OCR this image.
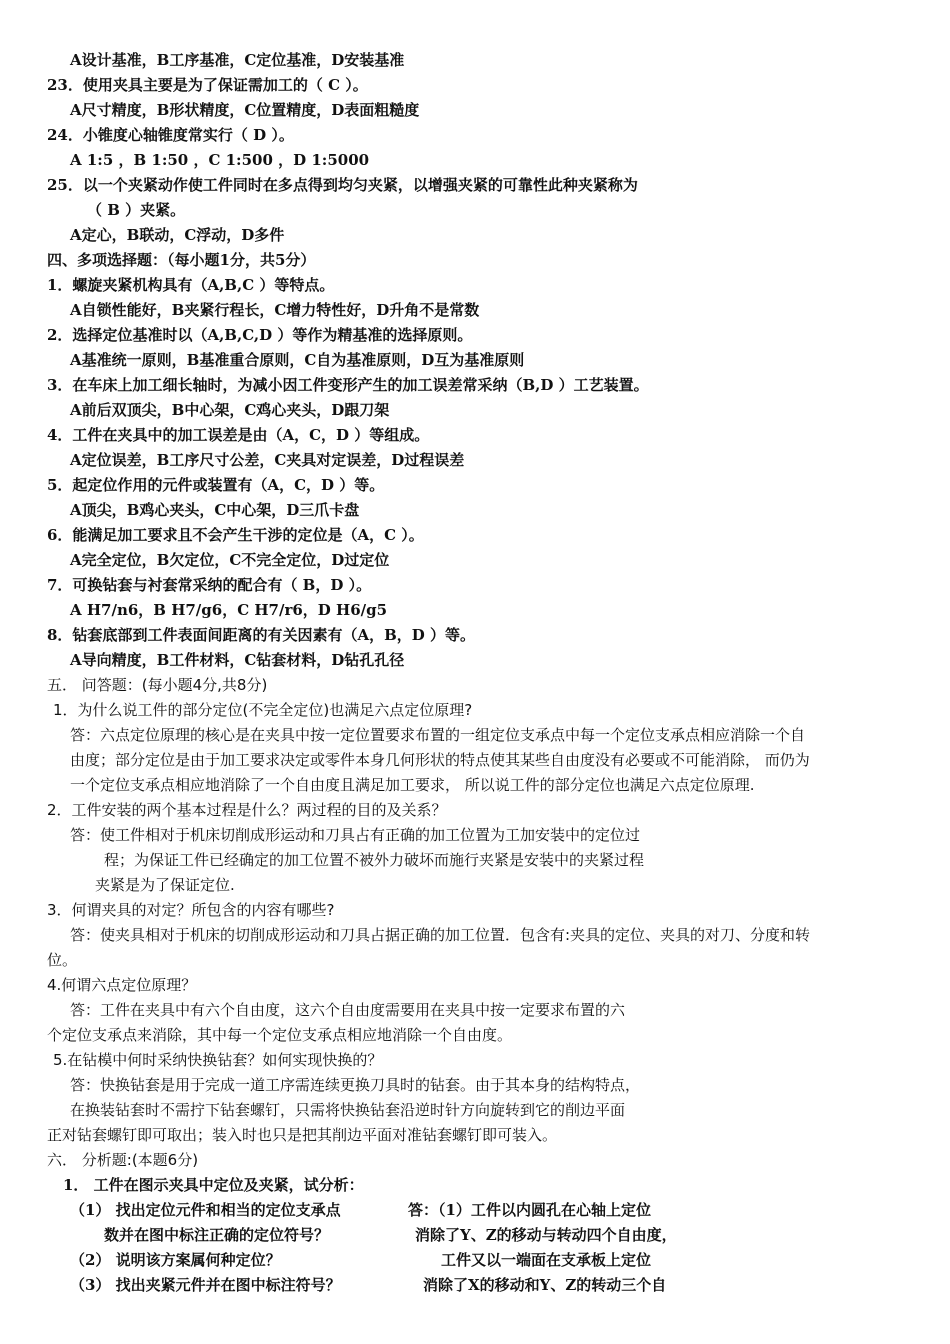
A设计基准，B工序基准，C定位基准，D安装基准
23．使用夹具主要是为了保证需加工的（ C ）。
A尺寸精度，B形状精度，C位置精度，D表面粗糙度
24．小锥度心轴锥度常实行（ D ）。
A 1:5 ，B 1:50 ，C 1:500 ，D 1:5000
25．以一个夹紧动作使工件同时在多点得到均匀夹紧，以增强夹紧的可靠性此种夹紧称为
（ B ）夹紧。
A定心，B联动，C浮动，D多件
四、多项选择题：（每小题1分，共5分）
1．螺旋夹紧机构具有（A,B,C ）等特点。
A自锁性能好，B夹紧行程长，C增力特性好，D升角不是常数
2．选择定位基准时以（A,B,C,D ）等作为精基准的选择原则。
A基准统一原则，B基准重合原则，C自为基准原则，D互为基准原则
3．在车床上加工细长轴时，为减小因工件变形产生的加工误差常采纳（B,D ）工艺装置。
A前后双顶尖，B中心架，C鸡心夹头，D跟刀架
4．工件在夹具中的加工误差是由（A，C，D ）等组成。
A定位误差，B工序尺寸公差，C夹具对定误差，D过程误差
5．起定位作用的元件或装置有（A，C，D ）等。
A顶尖，B鸡心夹头，C中心架，D三爪卡盘
6．能满足加工要求且不会产生干涉的定位是（A，C ）。
A完全定位，B欠定位，C不完全定位，D过定位
7．可换钻套与衬套常采纳的配合有（ B，D ）。
A H7/n6，B H7/g6，C H7/r6，D H6/g5
8．钻套底部到工件表面间距离的有关因素有（A，B，D ）等。
A导向精度，B工件材料，C钻套材料，D钻孔孔径
五． 问答题：(每小题4分,共8分)
1．为什么说工件的部分定位(不完全定位)也满足六点定位原理?
答：六点定位原理的核心是在夹具中按一定位置要求布置的一组定位支承点中每一个定位支承点相应消除一个自
由度；部分定位是由于加工要求决定或零件本身几何形状的特点使其某些自由度没有必要或不可能消除， 而仍为
一个定位支承点相应地消除了一个自由度且满足加工要求， 所以说工件的部分定位也满足六点定位原理.
2．工件安装的两个基本过程是什么？两过程的目的及关系？
答：使工件相对于机床切削成形运动和刀具占有正确的加工位置为工加安装中的定位过
程；为保证工件已经确定的加工位置不被外力破坏而施行夹紧是安装中的夹紧过程
夹紧是为了保证定位.
3．何谓夹具的对定？所包含的内容有哪些?
答：使夹具相对于机床的切削成形运动和刀具占据正确的加工位置．包含有:夹具的定位、夹具的对刀、分度和转
位。
4.何谓六点定位原理？
答：工件在夹具中有六个自由度，这六个自由度需要用在夹具中按一定要求布置的六
个定位支承点来消除，其中每一个定位支承点相应地消除一个自由度。
5.在钻模中何时采纳快换钻套？如何实现快换的？
答：快换钻套是用于完成一道工序需连续更换刀具时的钻套。由于其本身的结构特点，
在换装钻套时不需拧下钻套螺钉，只需将快换钻套沿逆时针方向旋转到它的削边平面
正对钻套螺钉即可取出；装入时也只是把其削边平面对准钻套螺钉即可装入。
六． 分析题:(本题6分)
1． 工件在图示夹具中定位及夹紧，试分析：
（1） 找出定位元件和相当的定位支承点
数并在图中标注正确的定位符号？
（2） 说明该方案属何种定位？
（3） 找出夹紧元件并在图中标注符号？
答：（1）工件以内圆孔在心轴上定位
消除了Y、Z的移动与转动四个自由度，
工件又以一端面在支承板上定位
消除了X的移动和Y、Z的转动三个自
